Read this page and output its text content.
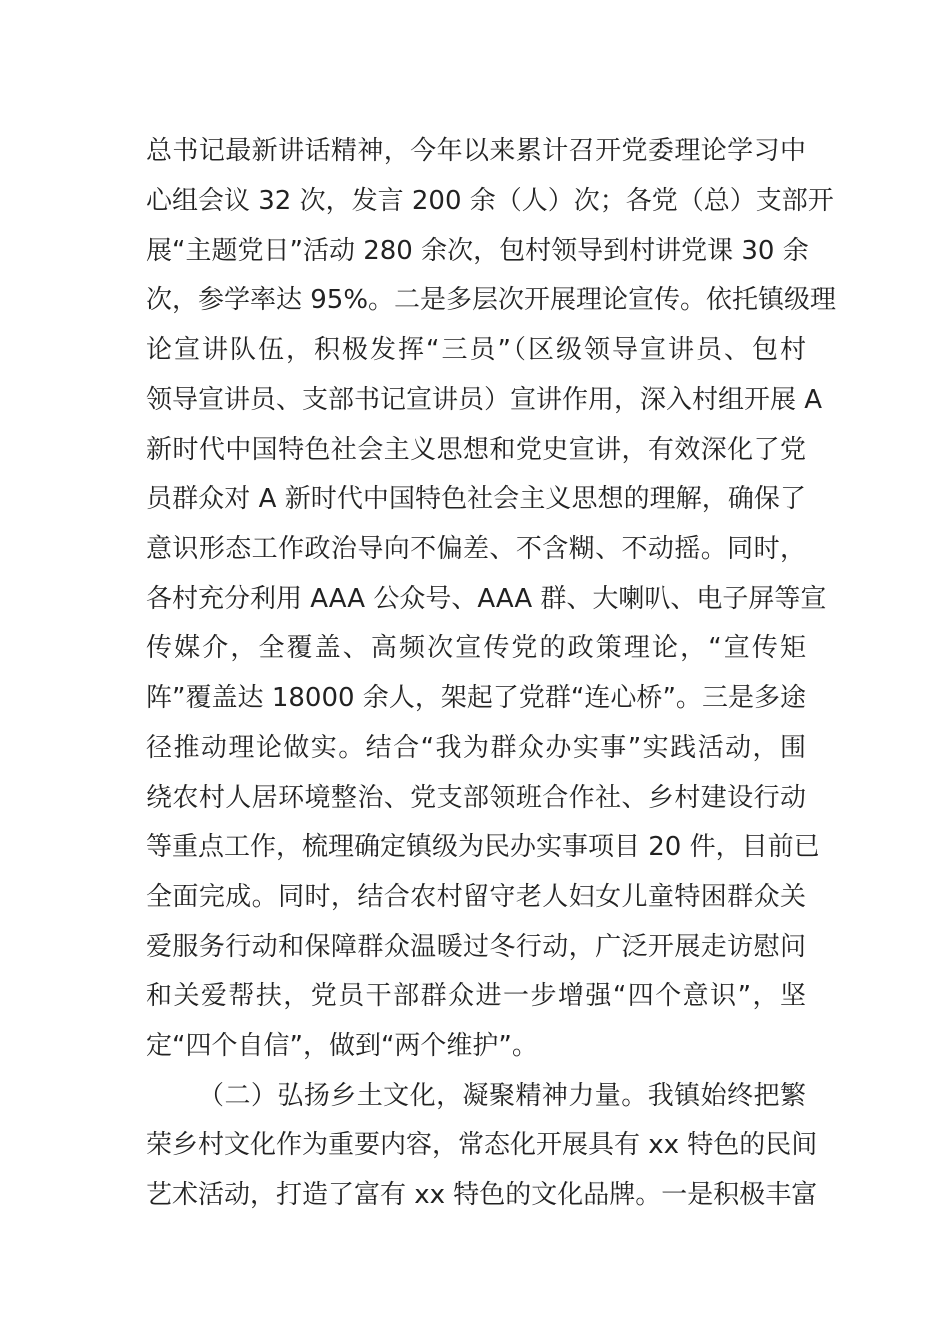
总书记最新讲话精神，今年以来累计召开党委理论学习中
心组会议 32 次，发言 200 余（人）次；各党（总）支部开
展“主题党日”活动 280 余次，包村领导到村讲党课 30 余
次，参学率达 95%。二是多层次开展理论宣传。依托镇级理
论宣讲队伍，积极发挥“三员”（区级领导宣讲员、包村
领导宣讲员、支部书记宣讲员）宣讲作用，深入村组开展 A
新时代中国特色社会主义思想和党史宣讲，有效深化了党
员群众对 A 新时代中国特色社会主义思想的理解，确保了
意识形态工作政治导向不偏差、不含糊、不动摇。同时，
各村充分利用 AAA 公众号、AAA 群、大喇叭、电子屏等宣
传媒介，全覆盖、高频次宣传党的政策理论，“宣传矩
阵”覆盖达 18000 余人，架起了党群“连心桥”。三是多途
径推动理论做实。结合“我为群众办实事”实践活动，围
绕农村人居环境整治、党支部领班合作社、乡村建设行动
等重点工作，梳理确定镇级为民办实事项目 20 件，目前已
全面完成。同时，结合农村留守老人妇女儿童特困群众关
爱服务行动和保障群众温暖过冬行动，广泛开展走访慰问
和关爱帮扶，党员干部群众进一步增强“四个意识”，坚
定“四个自信”，做到“两个维护”。
（二）弘扬乡土文化，凝聚精神力量。我镇始终把繁
荣乡村文化作为重要内容，常态化开展具有 xx 特色的民间
艺术活动，打造了富有 xx 特色的文化品牌。一是积极丰富
